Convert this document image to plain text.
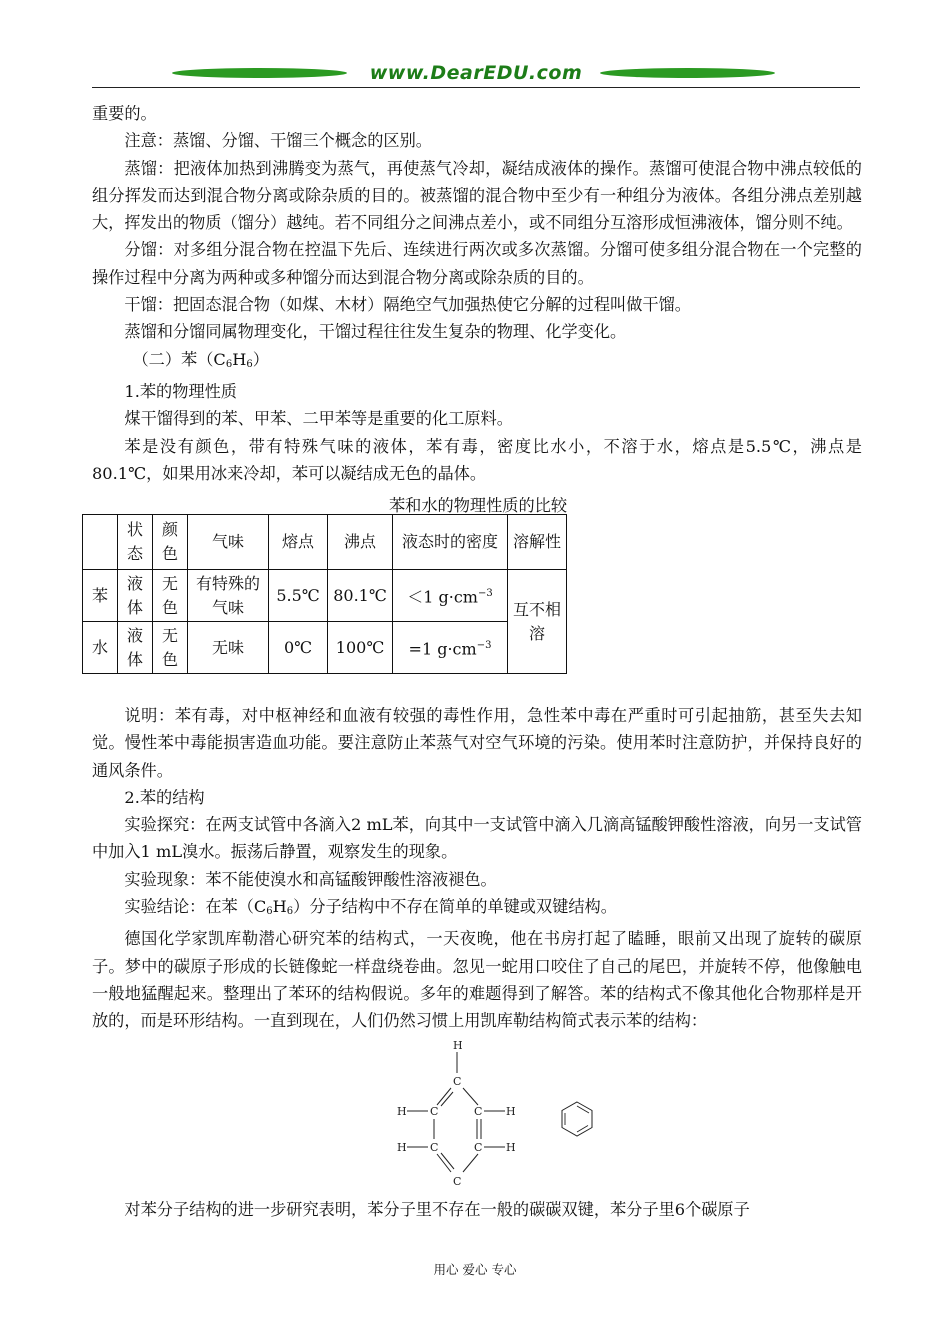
www.DearEDU.com

重要的。

注意：蒸馏、分馏、干馏三个概念的区别。

蒸馏：把液体加热到沸腾变为蒸气，再使蒸气冷却，凝结成液体的操作。蒸馏可使混合物中沸点较低的组分挥发而达到混合物分离或除杂质的目的。被蒸馏的混合物中至少有一种组分为液体。各组分沸点差别越大，挥发出的物质（馏分）越纯。若不同组分之间沸点差小，或不同组分互溶形成恒沸液体，馏分则不纯。

分馏：对多组分混合物在控温下先后、连续进行两次或多次蒸馏。分馏可使多组分混合物在一个完整的操作过程中分离为两种或多种馏分而达到混合物分离或除杂质的目的。

干馏：把固态混合物（如煤、木材）隔绝空气加强热使它分解的过程叫做干馏。

蒸馏和分馏同属物理变化，干馏过程往往发生复杂的物理、化学变化。

（二）苯$(C_6H_6)$

1.苯的物理性质

煤干馏得到的苯、甲苯、二甲苯等是重要的化工原料。

苯是没有颜色，带有特殊气味的液体，苯有毒，密度比水小，不溶于水，熔点是5.5℃，沸点是80.1℃，如果用冰来冷却，苯可以凝结成无色的晶体。

苯和水的物理性质的比较
	状态	颜色	气味	熔点	沸点	液态时的密度	溶解性
苯	液体	无色	有特殊的气味	5.5℃	80.1℃	＜1 $g\cdot cm^{-3}$	互不相溶
水	液体	无色	无味	0℃	100℃	=1 $g\cdot cm^{-3}$

说明：苯有毒，对中枢神经和血液有较强的毒性作用，急性苯中毒在严重时可引起抽筋，甚至失去知觉。慢性苯中毒能损害造血功能。要注意防止苯蒸气对空气环境的污染。使用苯时注意防护，并保持良好的通风条件。

2.苯的结构

实验探究：在两支试管中各滴入2 mL苯，向其中一支试管中滴入几滴高锰酸钾酸性溶液，向另一支试管中加入1 mL溴水。振荡后静置，观察发生的现象。

实验现象：苯不能使溴水和高锰酸钾酸性溶液褪色。

实验结论：在苯$(C_6H_6)$分子结构中不存在简单的单键或双键结构。

德国化学家凯库勒潜心研究苯的结构式，一天夜晚，他在书房打起了瞌睡，眼前又出现了旋转的碳原子。梦中的碳原子形成的长链像蛇一样盘绕卷曲。忽见一蛇用口咬住了自己的尾巴，并旋转不停，他像触电一般地猛醒起来。整理出了苯环的结构假说。多年的难题得到了解答。苯的结构式不像其他化合物那样是开放的，而是环形结构。一直到现在，人们仍然习惯上用凯库勒结构简式表示苯的结构：

H
C
H C	C H
H C	C H
C

对苯分子结构的进一步研究表明，苯分子里不存在一般的碳碳双键，苯分子里6个碳原子

用心 爱心 专心
